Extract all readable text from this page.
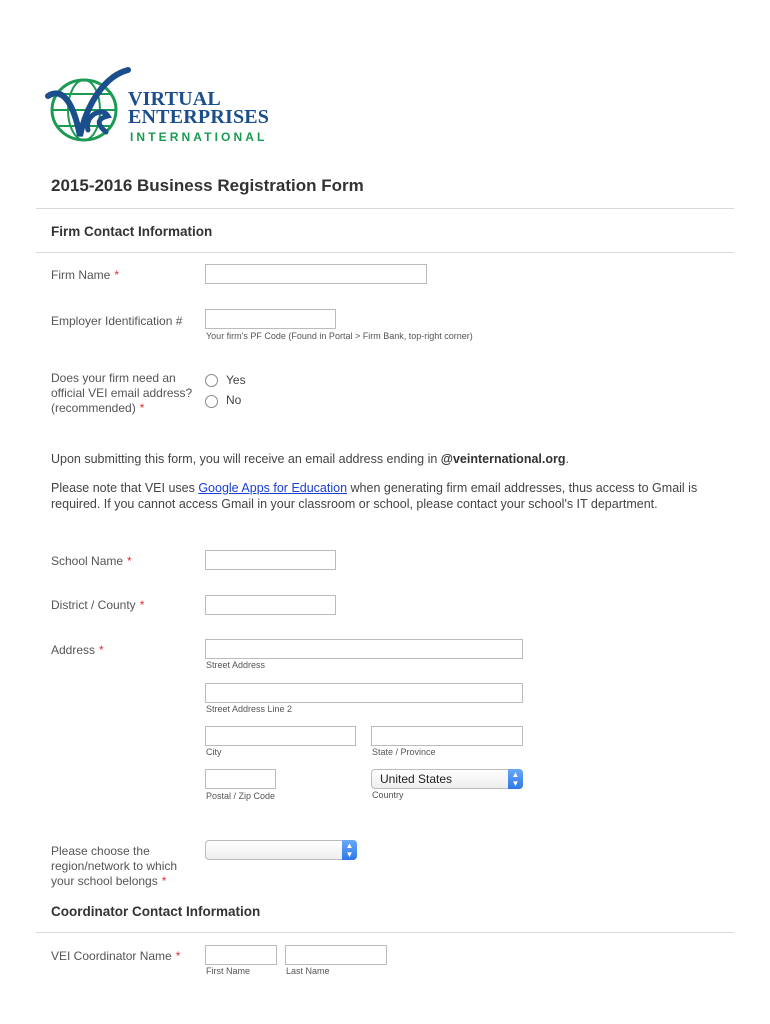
VIRTUAL
ENTERPRISES
INTERNATIONAL
2015-2016 Business Registration Form
Firm Contact Information
Firm Name *
Employer Identification #
Your firm's PF Code (Found in Portal > Firm Bank, top-right corner)
Does your firm need an
official VEI email address?
(recommended) *
Yes
No
Upon submitting this form, you will receive an email address ending in @veinternational.org.
Please note that VEI uses Google Apps for Education when generating firm email addresses, thus access to Gmail is required. If you cannot access Gmail in your classroom or school, please contact your school's IT department.
School Name *
District / County *
Address *
Street Address
Street Address Line 2
City	State / Province
Postal / Zip Code
United States	▲
▼
Country
Please choose the
region/network to which
your school belongs *
▲
▼
Coordinator Contact Information
VEI Coordinator Name *
First Name	Last Name
